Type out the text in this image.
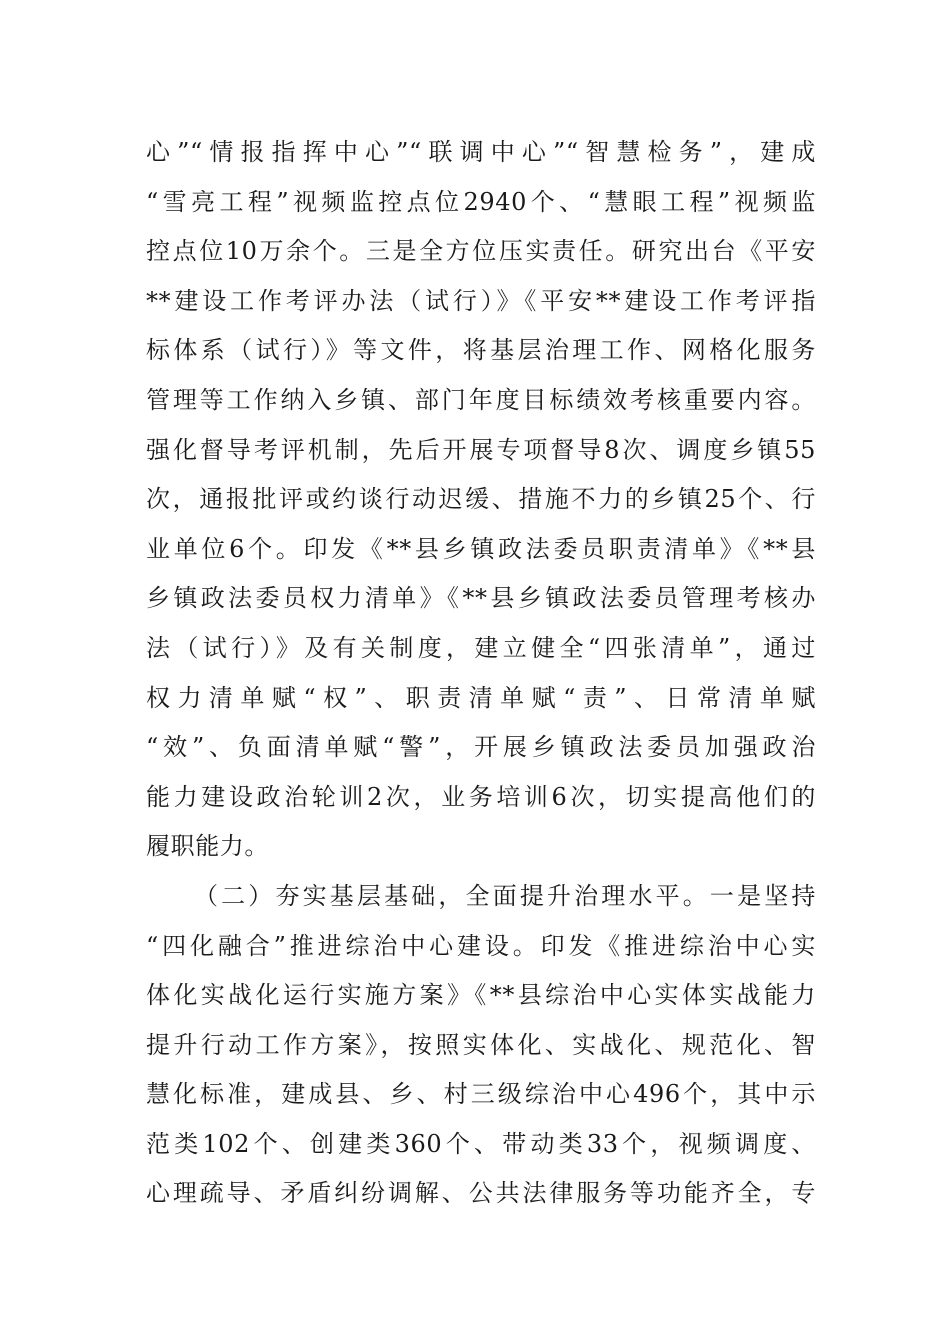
心”“情报指挥中心”“联调中心”“智慧检务”，建成
“雪亮工程”视频监控点位2940个、“慧眼工程”视频监
控点位10万余个。三是全方位压实责任。研究出台《平安
**建设工作考评办法（试行）》《平安**建设工作考评指
标体系（试行）》等文件，将基层治理工作、网格化服务
管理等工作纳入乡镇、部门年度目标绩效考核重要内容。
强化督导考评机制，先后开展专项督导8次、调度乡镇55
次，通报批评或约谈行动迟缓、措施不力的乡镇25个、行
业单位6个。印发《**县乡镇政法委员职责清单》《**县
乡镇政法委员权力清单》《**县乡镇政法委员管理考核办
法（试行）》及有关制度，建立健全“四张清单”，通过
权力清单赋“权”、职责清单赋“责”、日常清单赋
“效”、负面清单赋“警”，开展乡镇政法委员加强政治
能力建设政治轮训2次，业务培训6次，切实提高他们的
履职能力。
（二）夯实基层基础，全面提升治理水平。一是坚持
“四化融合”推进综治中心建设。印发《推进综治中心实
体化实战化运行实施方案》《**县综治中心实体实战能力
提升行动工作方案》，按照实体化、实战化、规范化、智
慧化标准，建成县、乡、村三级综治中心496个，其中示
范类102个、创建类360个、带动类33个，视频调度、
心理疏导、矛盾纠纷调解、公共法律服务等功能齐全，专
